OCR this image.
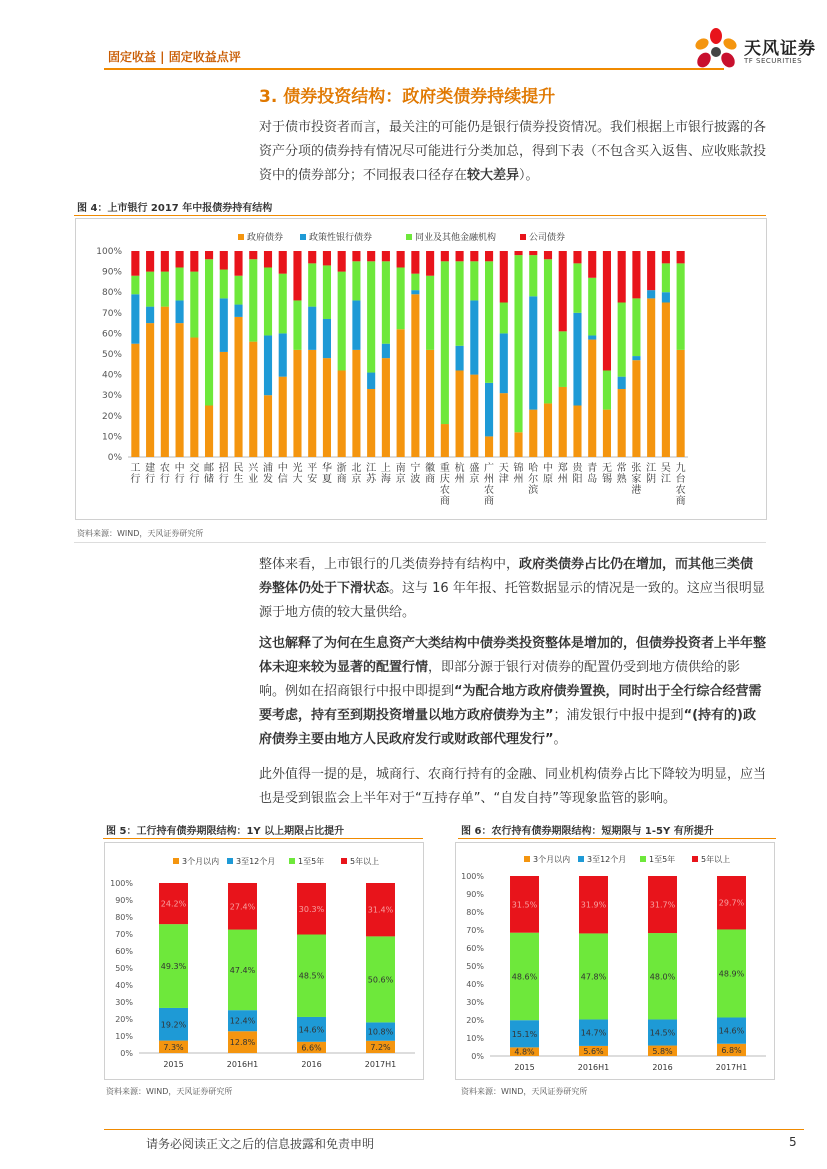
固定收益 | 固定收益点评	天风证券
TF SECURITIES
3. 债券投资结构：政府类债券持续提升
对于债市投资者而言，最关注的可能仍是银行债券投资情况。我们根据上市银行披露的各资产分项的债券持有情况尽可能进行分类加总，得到下表（不包含买入返售、应收账款投资中的债券部分；不同报表口径存在较大差异）。
图 4：上市银行 2017 年中报债券持有结构
政府债券	政策性银行债券	同业及其他金融机构	公司债券
0%
10%
20%
30%
40%
50%
60%
70%
80%
90%
100%
工行
建行
农行
中行
交行
邮储
招行
民生
兴业
浦发
中信
光大
平安
华夏
浙商
北京
江苏
上海
南京
宁波
徽商
重庆农商
杭州
盛京
广州农商
天津
锦州
哈尔滨
中原
郑州
贵阳
青岛
无锡
常熟
张家港
江阴
吴江
九台农商
资料来源：WIND，天风证券研究所
整体来看，上市银行的几类债券持有结构中，政府类债券占比仍在增加，而其他三类债券整体仍处于下滑状态。这与 16 年年报、托管数据显示的情况是一致的。这应当很明显源于地方债的较大量供给。
这也解释了为何在生息资产大类结构中债券类投资整体是增加的，但债券投资者上半年整体未迎来较为显著的配置行情，即部分源于银行对债券的配置仍受到地方债供给的影响。例如在招商银行中报中即提到“为配合地方政府债券置换，同时出于全行综合经营需要考虑，持有至到期投资增量以地方政府债券为主”；浦发银行中报中提到“(持有的)政府债券主要由地方人民政府发行或财政部代理发行”。
此外值得一提的是，城商行、农商行持有的金融、同业机构债券占比下降较为明显，应当也是受到银监会上半年对于“互持存单”、“自发自持”等现象监管的影响。
图 5：工行持有债券期限结构：1Y 以上期限占比提升
3个月以内 3至12个月	1至5年	5年以上
0%
10%
20%
30%
40%
50%
60%
70%
80%
90%
100%
7.3%
19.2%
49.3%
24.2%
2015
12.8%
12.4%
47.4%
27.4%
2016H1
6.6%
14.6%
48.5%
30.3%
2016
7.2%
10.8%
50.6%
31.4%
2017H1
资料来源：WIND，天风证券研究所
图 6：农行持有债券期限结构：短期限与 1-5Y 有所提升
3个月以内 3至12个月	1至5年	5年以上
0%
10%
20%
30%
40%
50%
60%
70%
80%
90%
100%
4.8%
15.1%
48.6%
31.5%
2015
5.6%
14.7%
47.8%
31.9%
2016H1
5.8%
14.5%
48.0%
31.7%
2016
6.8%
14.6%
48.9%
29.7%
2017H1
资料来源：WIND，天风证券研究所
请务必阅读正文之后的信息披露和免责申明	5
